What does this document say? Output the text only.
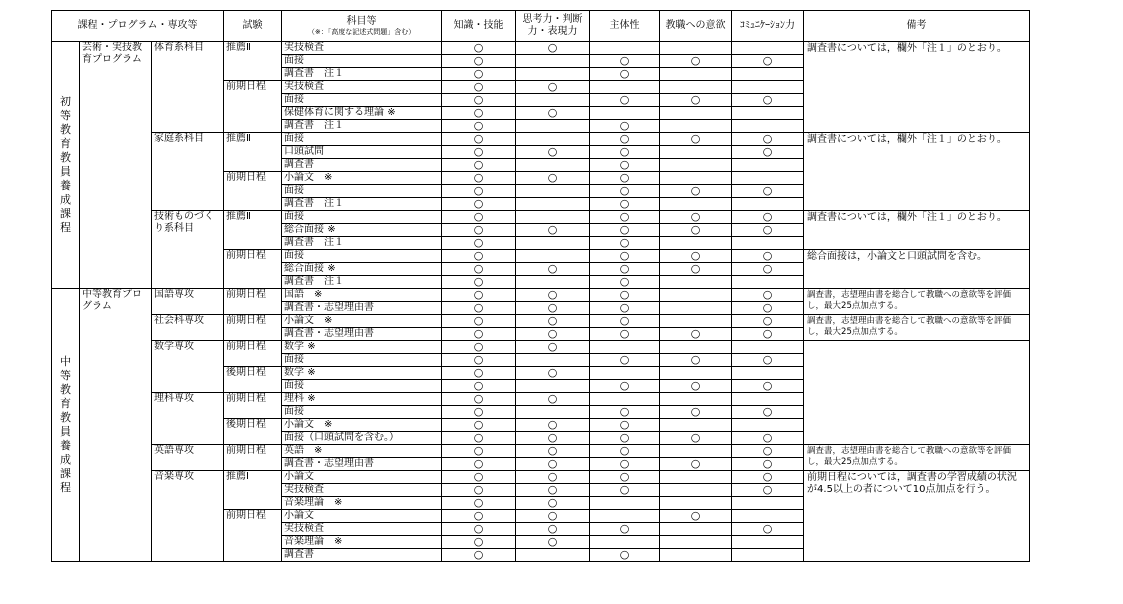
課程・プログラム・専攻等			試験	科目等
（※：「高度な記述式問題」含む）	知識・技能	思考力・判断力・表現力	主体性	教職への意欲	ｺﾐｭﾆｹｰｼｮﾝ力	備考

初等教育教員養成課程	芸術・実技教育プログラム	体育系科目	推薦Ⅱ	実技検査	○	○				調査書については，欄外「注１」のとおり。
				面接	○		○	○	○	
				調査書　注１	○		○			
			前期日程	実技検査	○	○				
				面接	○		○	○	○	
				保健体育に関する理論 ※	○	○				
				調査書　注１	○		○			
		家庭系科目	推薦Ⅱ	面接	○		○	○	○	調査書については，欄外「注１」のとおり。
				口頭試問	○	○	○		○	
				調査書	○		○			
			前期日程	小論文　※	○	○	○			
				面接	○		○	○	○	
				調査書　注１	○		○			
		技術ものづくり系科目	推薦Ⅱ	面接	○		○	○	○	調査書については，欄外「注１」のとおり。
				総合面接 ※	○	○	○	○	○	
				調査書　注１	○		○			
			前期日程	面接	○		○	○	○	総合面接は，小論文と口頭試問を含む。
				総合面接 ※	○	○	○	○	○	
				調査書　注１	○		○			

中等教育教員養成課程	中等教育プログラム	国語専攻	前期日程	国語　※	○	○	○		○	調査書，志望理由書を総合して教職への意欲等を評価し，最大25点加点する。
				調査書・志望理由書	○	○	○		○	
		社会科専攻	前期日程	小論文　※	○	○	○		○	調査書，志望理由書を総合して教職への意欲等を評価し，最大25点加点する。
				調査書・志望理由書	○	○	○	○	○	
		数学専攻	前期日程	数学 ※	○	○				
				面接	○		○	○	○	
			後期日程	数学 ※	○	○				
				面接	○		○	○	○	
		理科専攻	前期日程	理科 ※	○	○				
				面接	○		○	○	○	
			後期日程	小論文　※	○	○	○			
				面接（口頭試問を含む。）	○	○	○	○	○	
		英語専攻	前期日程	英語　※	○	○	○		○	調査書，志望理由書を総合して教職への意欲等を評価し，最大25点加点する。
				調査書・志望理由書	○	○	○	○	○	
		音楽専攻	推薦Ⅰ	小論文	○	○	○		○	前期日程については，調査書の学習成績の状況が4.5以上の者について10点加点を行う。
				実技検査	○	○	○		○	
				音楽理論　※	○	○				
			前期日程	小論文	○	○		○		
				実技検査	○	○	○		○	
				音楽理論　※	○	○				
				調査書	○		○			
